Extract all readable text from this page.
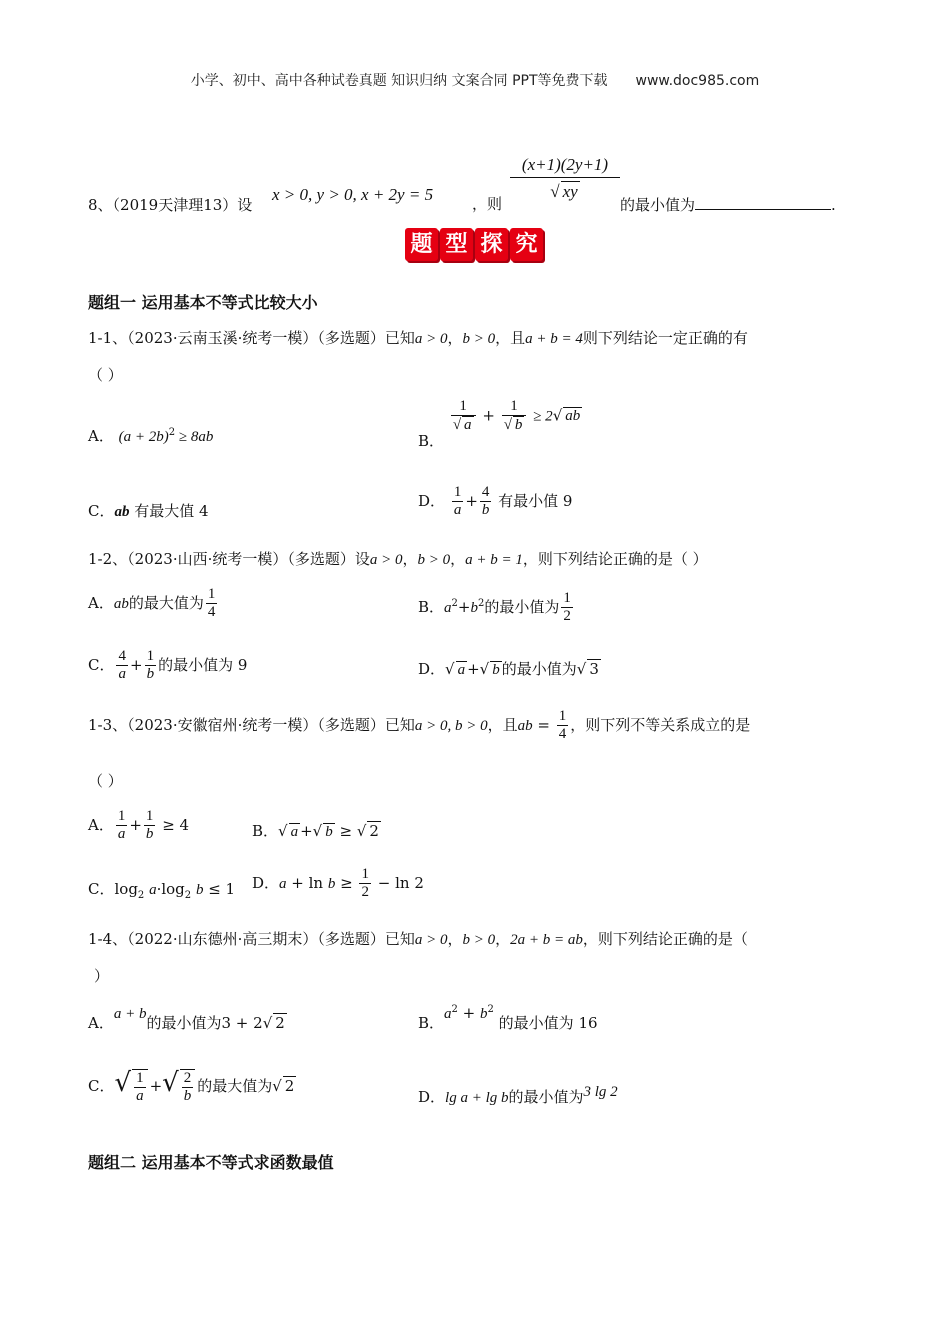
小学、初中、高中各种试卷真题 知识归纳 文案合同 PPT等免费下载 www.doc985.com
8、（2019天津理13）设
x > 0, y > 0, x + 2y = 5	，则
(x+1)(2y+1)
√ xy
的最小值为	.
题 型 探 究
题组一 运用基本不等式比较大小
1-1、（2023·云南玉溪·统考一模）（多选题）已知a > 0，b > 0，且a + b = 4则下列结论一定正确的有
（ ）
A． $(a + 2b)^2 \ge 8ab$	B．
$\frac{1}{√ a} + \frac{1}{√ b} \ge 2√$ ab
C．ab 有最大值 4
D． $\frac{1}{a} + \frac{4}{b}$ 有最小值 9
1-2、（2023·山西·统考一模）（多选题）设a > 0，b > 0，a + b = 1，则下列结论正确的是（ ）
A．ab的最大值为 $\frac{1}{4}$	B．$a^2+b^2$的最小值为 $\frac{1}{2}$
C． $\frac{4}{a} + \frac{1}{b}$ 的最小值为 9	D．√ a +√ b 的最小值为√ 3
1-3、（2023·安徽宿州·统考一模）（多选题）已知a > 0, b > 0，且ab = $\frac{1}{4}$ ，则下列不等关系成立的是
（ ）
A． $\frac{1}{a} + \frac{1}{b} \ge 4$	B．√ a +√ b ≥ √ 2
C．$\log_2 a\cdot\log_2$ b ≤ 1 D．$a + \ln b \ge \frac{1}{2} - \ln 2$
1-4、（2022·山东德州·高三期末）（多选题）已知a > 0，b > 0，2a + b = ab，则下列结论正确的是（
）
A．a + b的最小值为3 + 2√ 2	B．$a^2 + b^2$ 的最小值为 16
C．√ $\frac{1}{a}$ +√ $\frac{2}{b}$ 的最大值为√ 2
D．lg a + lg b的最小值为3 lg 2
题组二 运用基本不等式求函数最值
